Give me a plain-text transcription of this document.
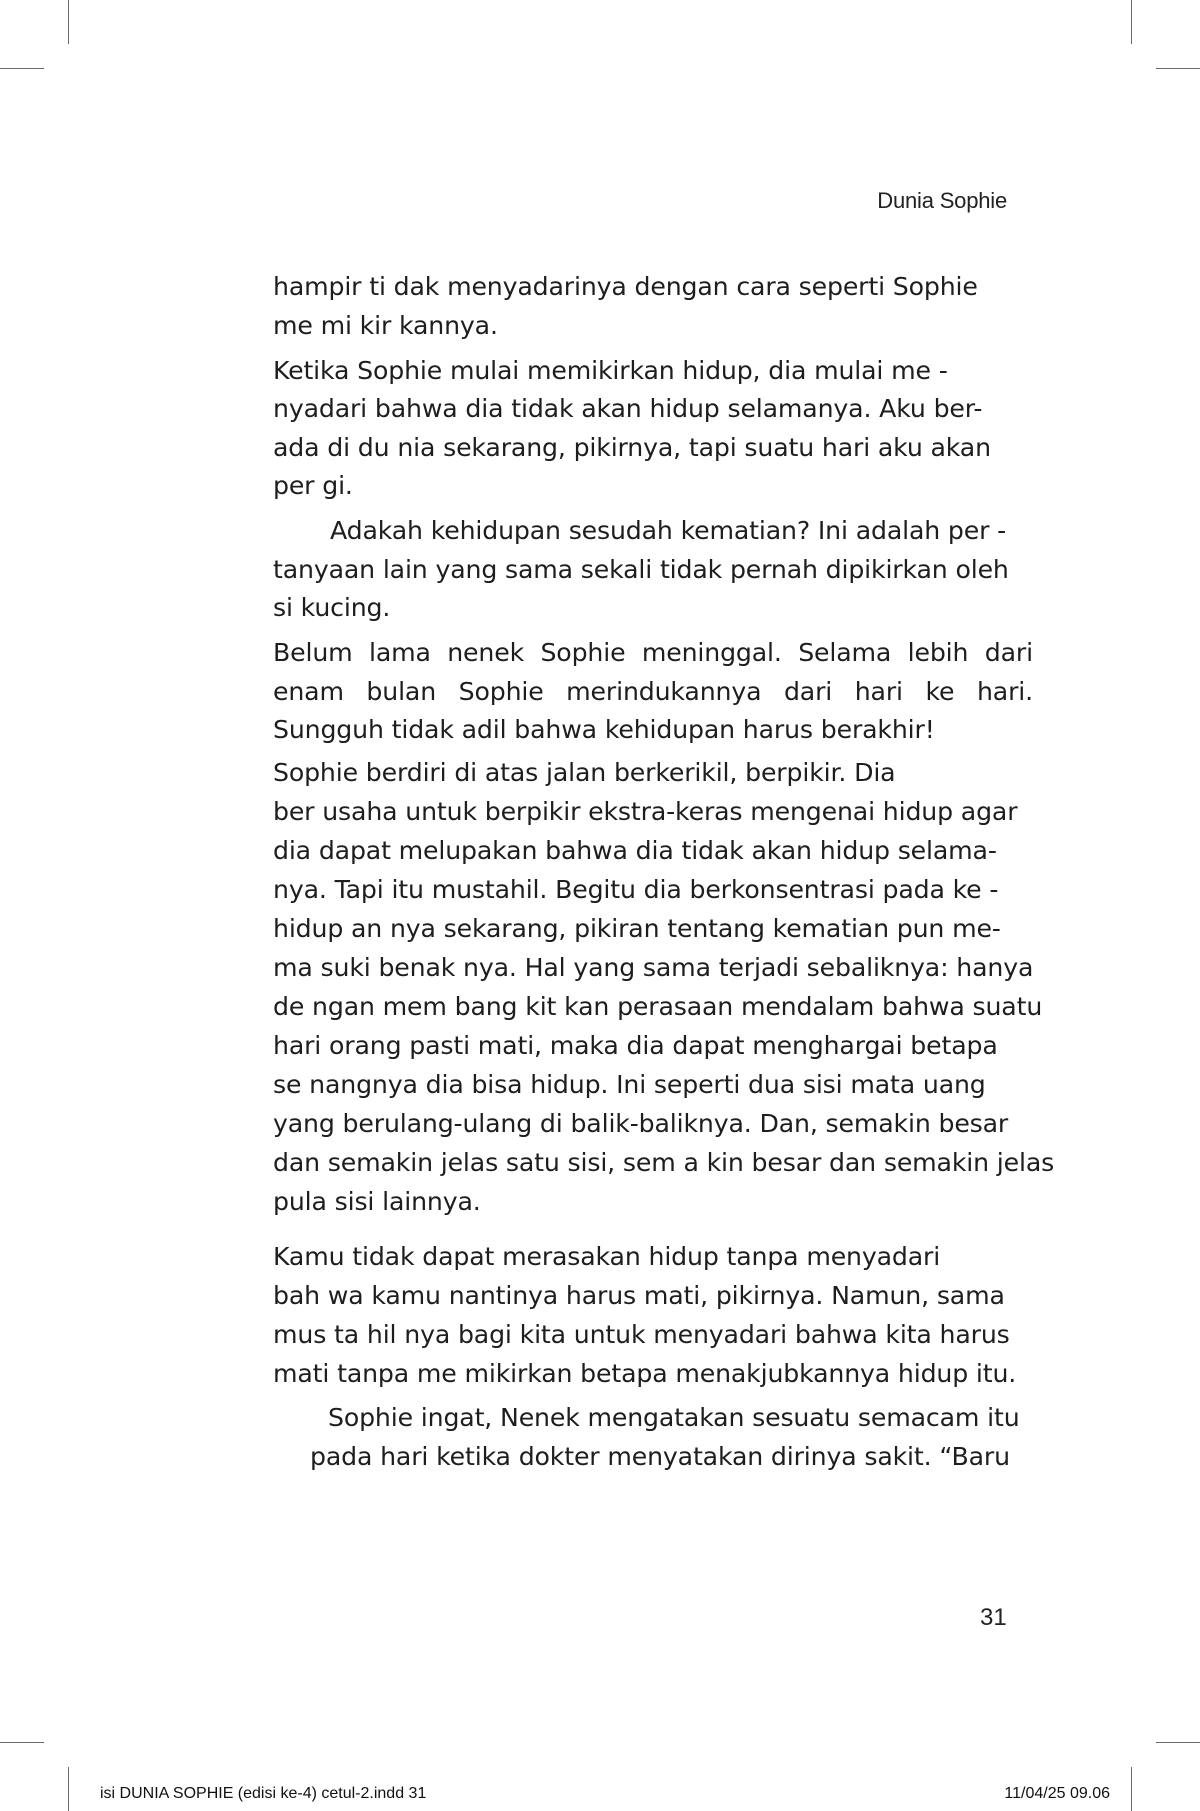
Dunia Sophie
hampir ti dak menyadarinya dengan cara seperti Sophie
me mi kir kannya.
Ketika Sophie mulai memikirkan hidup, dia mulai me -
nyadari bahwa dia tidak akan hidup selamanya. Aku ber-
ada di du nia sekarang, pikirnya, tapi suatu hari aku akan
per gi.
Adakah kehidupan sesudah kematian? Ini adalah per -
tanyaan lain yang sama sekali tidak pernah dipikirkan oleh
si kucing.
Belum lama nenek Sophie meninggal. Selama lebih dari
enam bulan Sophie merindukannya dari hari ke hari.
Sungguh tidak adil bahwa kehidupan harus berakhir!
Sophie berdiri di atas jalan berkerikil, berpikir. Dia
ber usaha untuk berpikir ekstra-keras mengenai hidup agar
dia dapat melupakan bahwa dia tidak akan hidup selama-
nya. Tapi itu mustahil. Begitu dia berkonsentrasi pada ke -
hidup an nya sekarang, pikiran tentang kematian pun me-
ma suki benak nya. Hal yang sama terjadi sebaliknya: hanya
de ngan mem bang kit kan perasaan mendalam bahwa suatu
hari orang pasti mati, maka dia dapat menghargai betapa
se nangnya dia bisa hidup. Ini seperti dua sisi mata uang
yang berulang-ulang di balik-baliknya. Dan, semakin besar
dan semakin jelas satu sisi, sem a kin besar dan semakin jelas
pula sisi lainnya.
Kamu tidak dapat merasakan hidup tanpa menyadari
bah wa kamu nantinya harus mati, pikirnya. Namun, sama
mus ta hil nya bagi kita untuk menyadari bahwa kita harus
mati tanpa me mikirkan betapa menakjubkannya hidup itu.
Sophie ingat, Nenek mengatakan sesuatu semacam itu
pada hari ketika dokter menyatakan dirinya sakit. “Baru
31
isi DUNIA SOPHIE (edisi ke-4) cetul-2.indd 31	11/04/25 09.06
